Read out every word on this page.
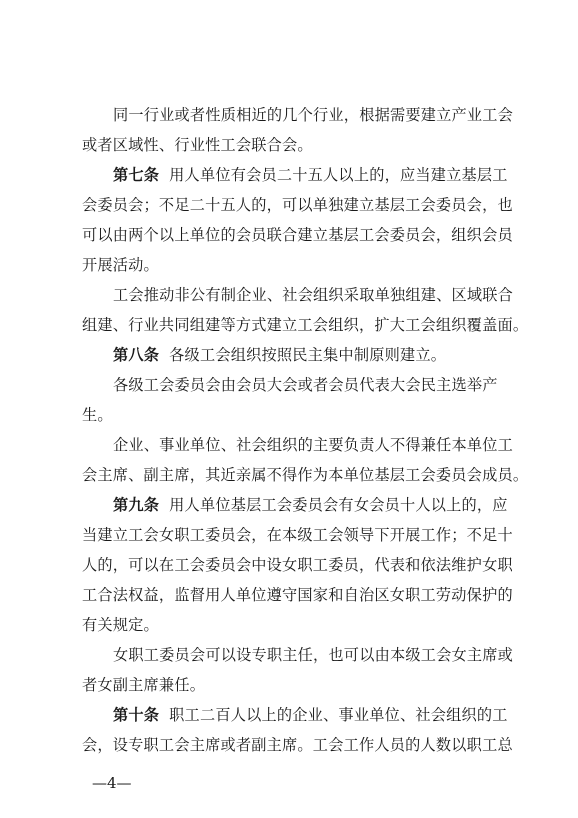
同一行业或者性质相近的几个行业，根据需要建立产业工会
或者区域性、行业性工会联合会。
第七条 用人单位有会员二十五人以上的，应当建立基层工
会委员会；不足二十五人的，可以单独建立基层工会委员会，也
可以由两个以上单位的会员联合建立基层工会委员会，组织会员
开展活动。
工会推动非公有制企业、社会组织采取单独组建、区域联合
组建、行业共同组建等方式建立工会组织，扩大工会组织覆盖面。
第八条 各级工会组织按照民主集中制原则建立。
各级工会委员会由会员大会或者会员代表大会民主选举产
生。
企业、事业单位、社会组织的主要负责人不得兼任本单位工
会主席、副主席，其近亲属不得作为本单位基层工会委员会成员。
第九条 用人单位基层工会委员会有女会员十人以上的，应
当建立工会女职工委员会，在本级工会领导下开展工作；不足十
人的，可以在工会委员会中设女职工委员，代表和依法维护女职
工合法权益，监督用人单位遵守国家和自治区女职工劳动保护的
有关规定。
女职工委员会可以设专职主任，也可以由本级工会女主席或
者女副主席兼任。
第十条 职工二百人以上的企业、事业单位、社会组织的工
会，设专职工会主席或者副主席。工会工作人员的人数以职工总
—4—
